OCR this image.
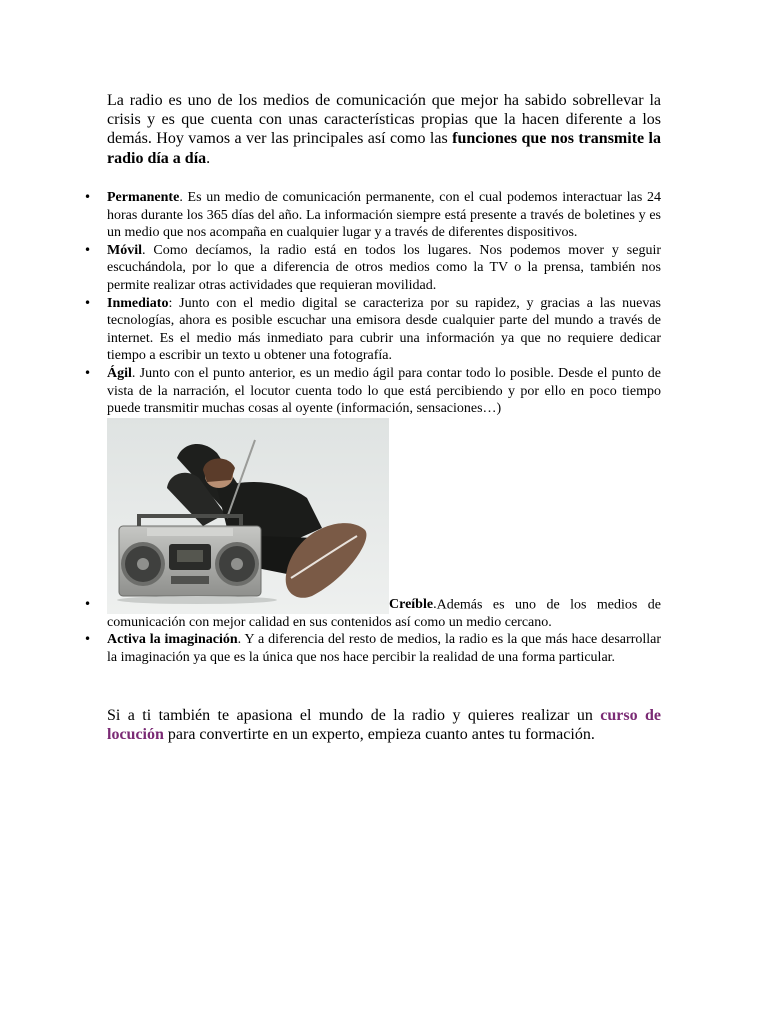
La radio es uno de los medios de comunicación que mejor ha sabido sobrellevar la crisis y es que cuenta con unas características propias que la hacen diferente a los demás. Hoy vamos a ver las principales así como las funciones que nos transmite la radio día a día.

• Permanente. Es un medio de comunicación permanente, con el cual podemos interactuar las 24 horas durante los 365 días del año. La información siempre está presente a través de boletines y es un medio que nos acompaña en cualquier lugar y a través de diferentes dispositivos.
• Móvil. Como decíamos, la radio está en todos los lugares. Nos podemos mover y seguir escuchándola, por lo que a diferencia de otros medios como la TV o la prensa, también nos permite realizar otras actividades que requieran movilidad.
• Inmediato: Junto con el medio digital se caracteriza por su rapidez, y gracias a las nuevas tecnologías, ahora es posible escuchar una emisora desde cualquier parte del mundo a través de internet. Es el medio más inmediato para cubrir una información ya que no requiere dedicar tiempo a escribir un texto u obtener una fotografía.
• Ágil. Junto con el punto anterior, es un medio ágil para contar todo lo posible. Desde el punto de vista de la narración, el locutor cuenta todo lo que está percibiendo y por ello en poco tiempo puede transmitir muchas cosas al oyente (información, sensaciones…)
•	Creíble.Además es uno de los medios de comunicación con mejor calidad en sus contenidos así como un medio cercano.
• Activa la imaginación. Y a diferencia del resto de medios, la radio es la que más hace desarrollar la imaginación ya que es la única que nos hace percibir la realidad de una forma particular.

Si a ti también te apasiona el mundo de la radio y quieres realizar un curso de locución para convertirte en un experto, empieza cuanto antes tu formación.
